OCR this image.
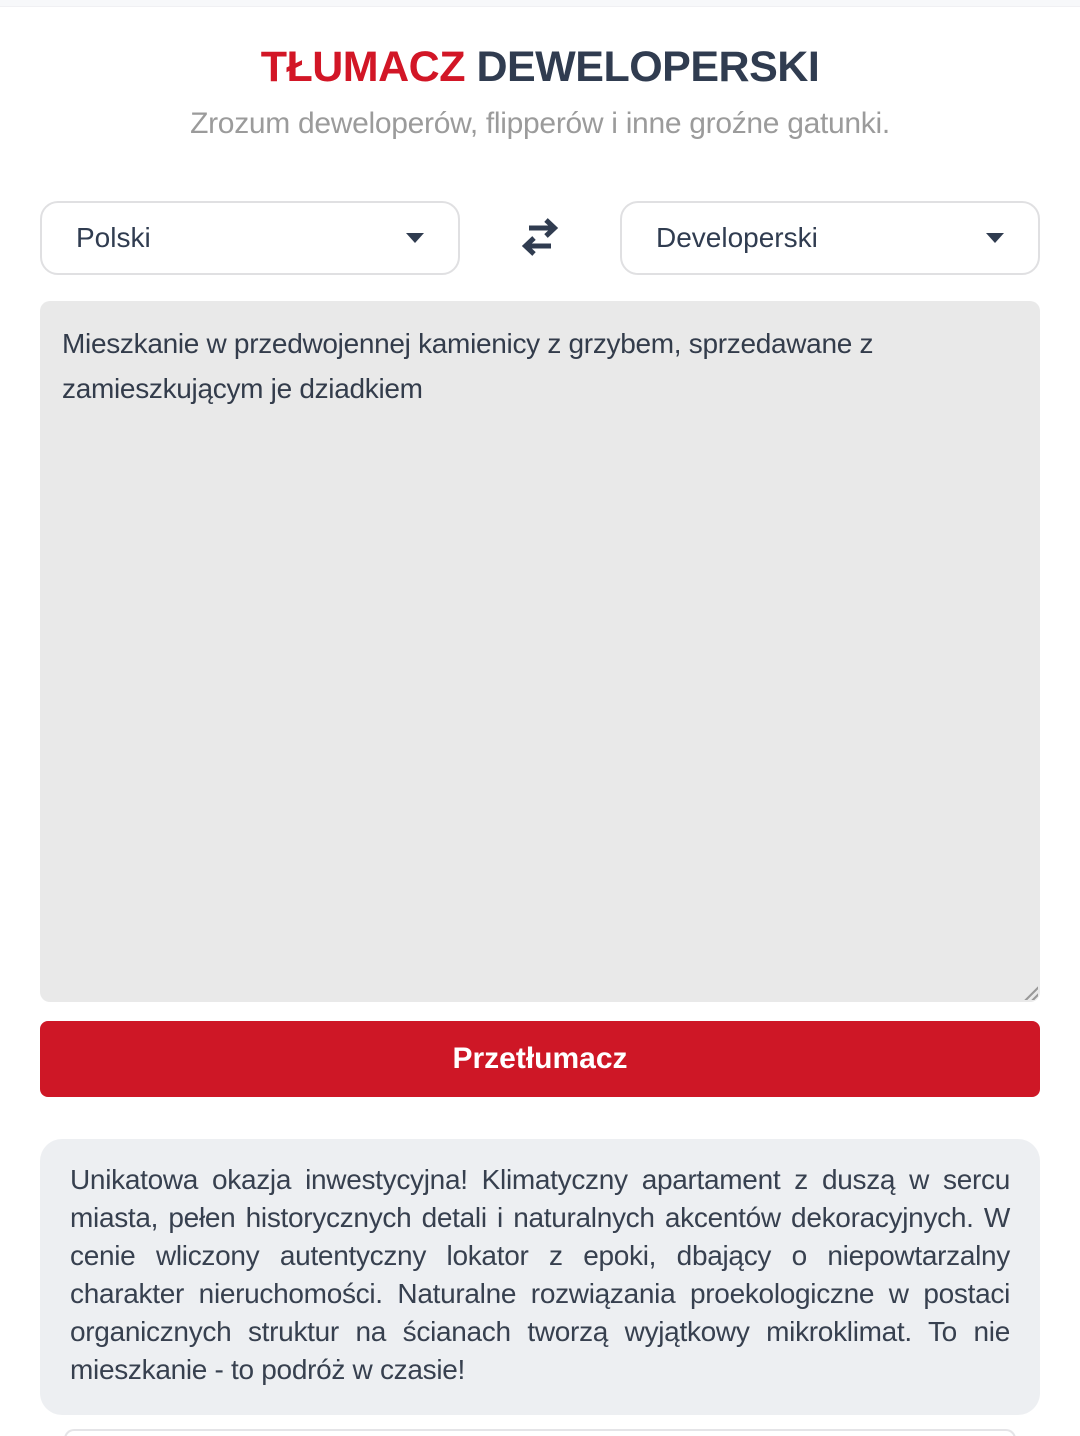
TŁUMACZ DEWELOPERSKI

Zrozum deweloperów, flipperów i inne groźne gatunki.

Polski	Developerski
Mieszkanie w przedwojennej kamienicy z grzybem, sprzedawane z zamieszkującym je dziadkiem
Przetłumacz

Unikatowa okazja inwestycyjna! Klimatyczny apartament z duszą w sercu miasta, pełen historycznych detali i naturalnych akcentów dekoracyjnych. W cenie wliczony autentyczny lokator z epoki, dbający o niepowtarzalny charakter nieruchomości. Naturalne rozwiązania proekologiczne w postaci organicznych struktur na ścianach tworzą wyjątkowy mikroklimat. To nie mieszkanie - to podróż w czasie!
